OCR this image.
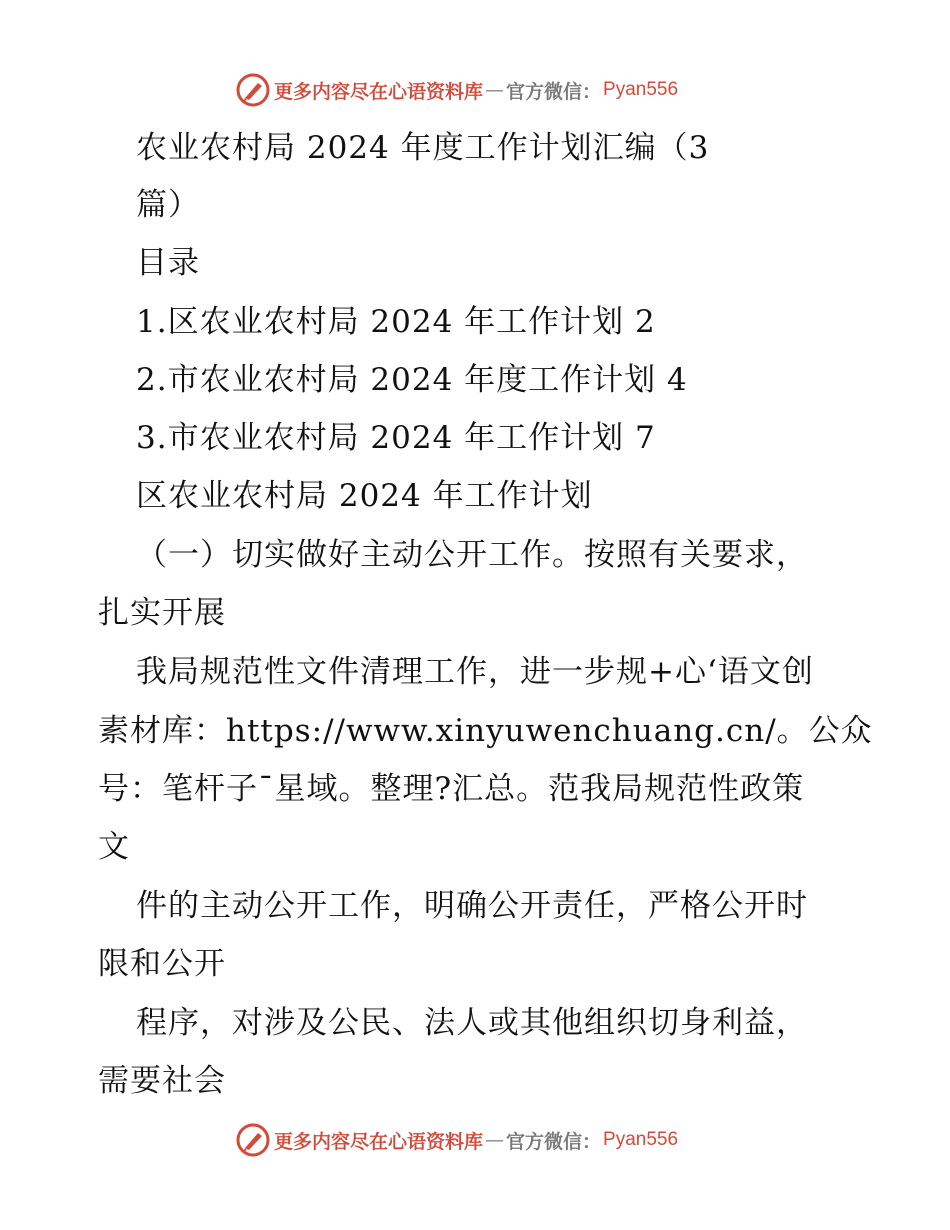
更多内容尽在心语资料库 — 官方微信： Pyan556
农业农村局 2024 年度工作计划汇编（3
篇）
目录
1.区农业农村局 2024 年工作计划 2
2.市农业农村局 2024 年度工作计划 4
3.市农业农村局 2024 年工作计划 7
区农业农村局 2024 年工作计划
（一）切实做好主动公开工作。按照有关要求，
扎实开展
我局规范性文件清理工作，进一步规+心‘语文创
素材库：https://www.xinyuwenchuang.cn/。公众
号：笔杆子¯星域。整理?汇总。范我局规范性政策
文
件的主动公开工作，明确公开责任，严格公开时
限和公开
程序，对涉及公民、法人或其他组织切身利益，
需要社会
更多内容尽在心语资料库 — 官方微信： Pyan556
